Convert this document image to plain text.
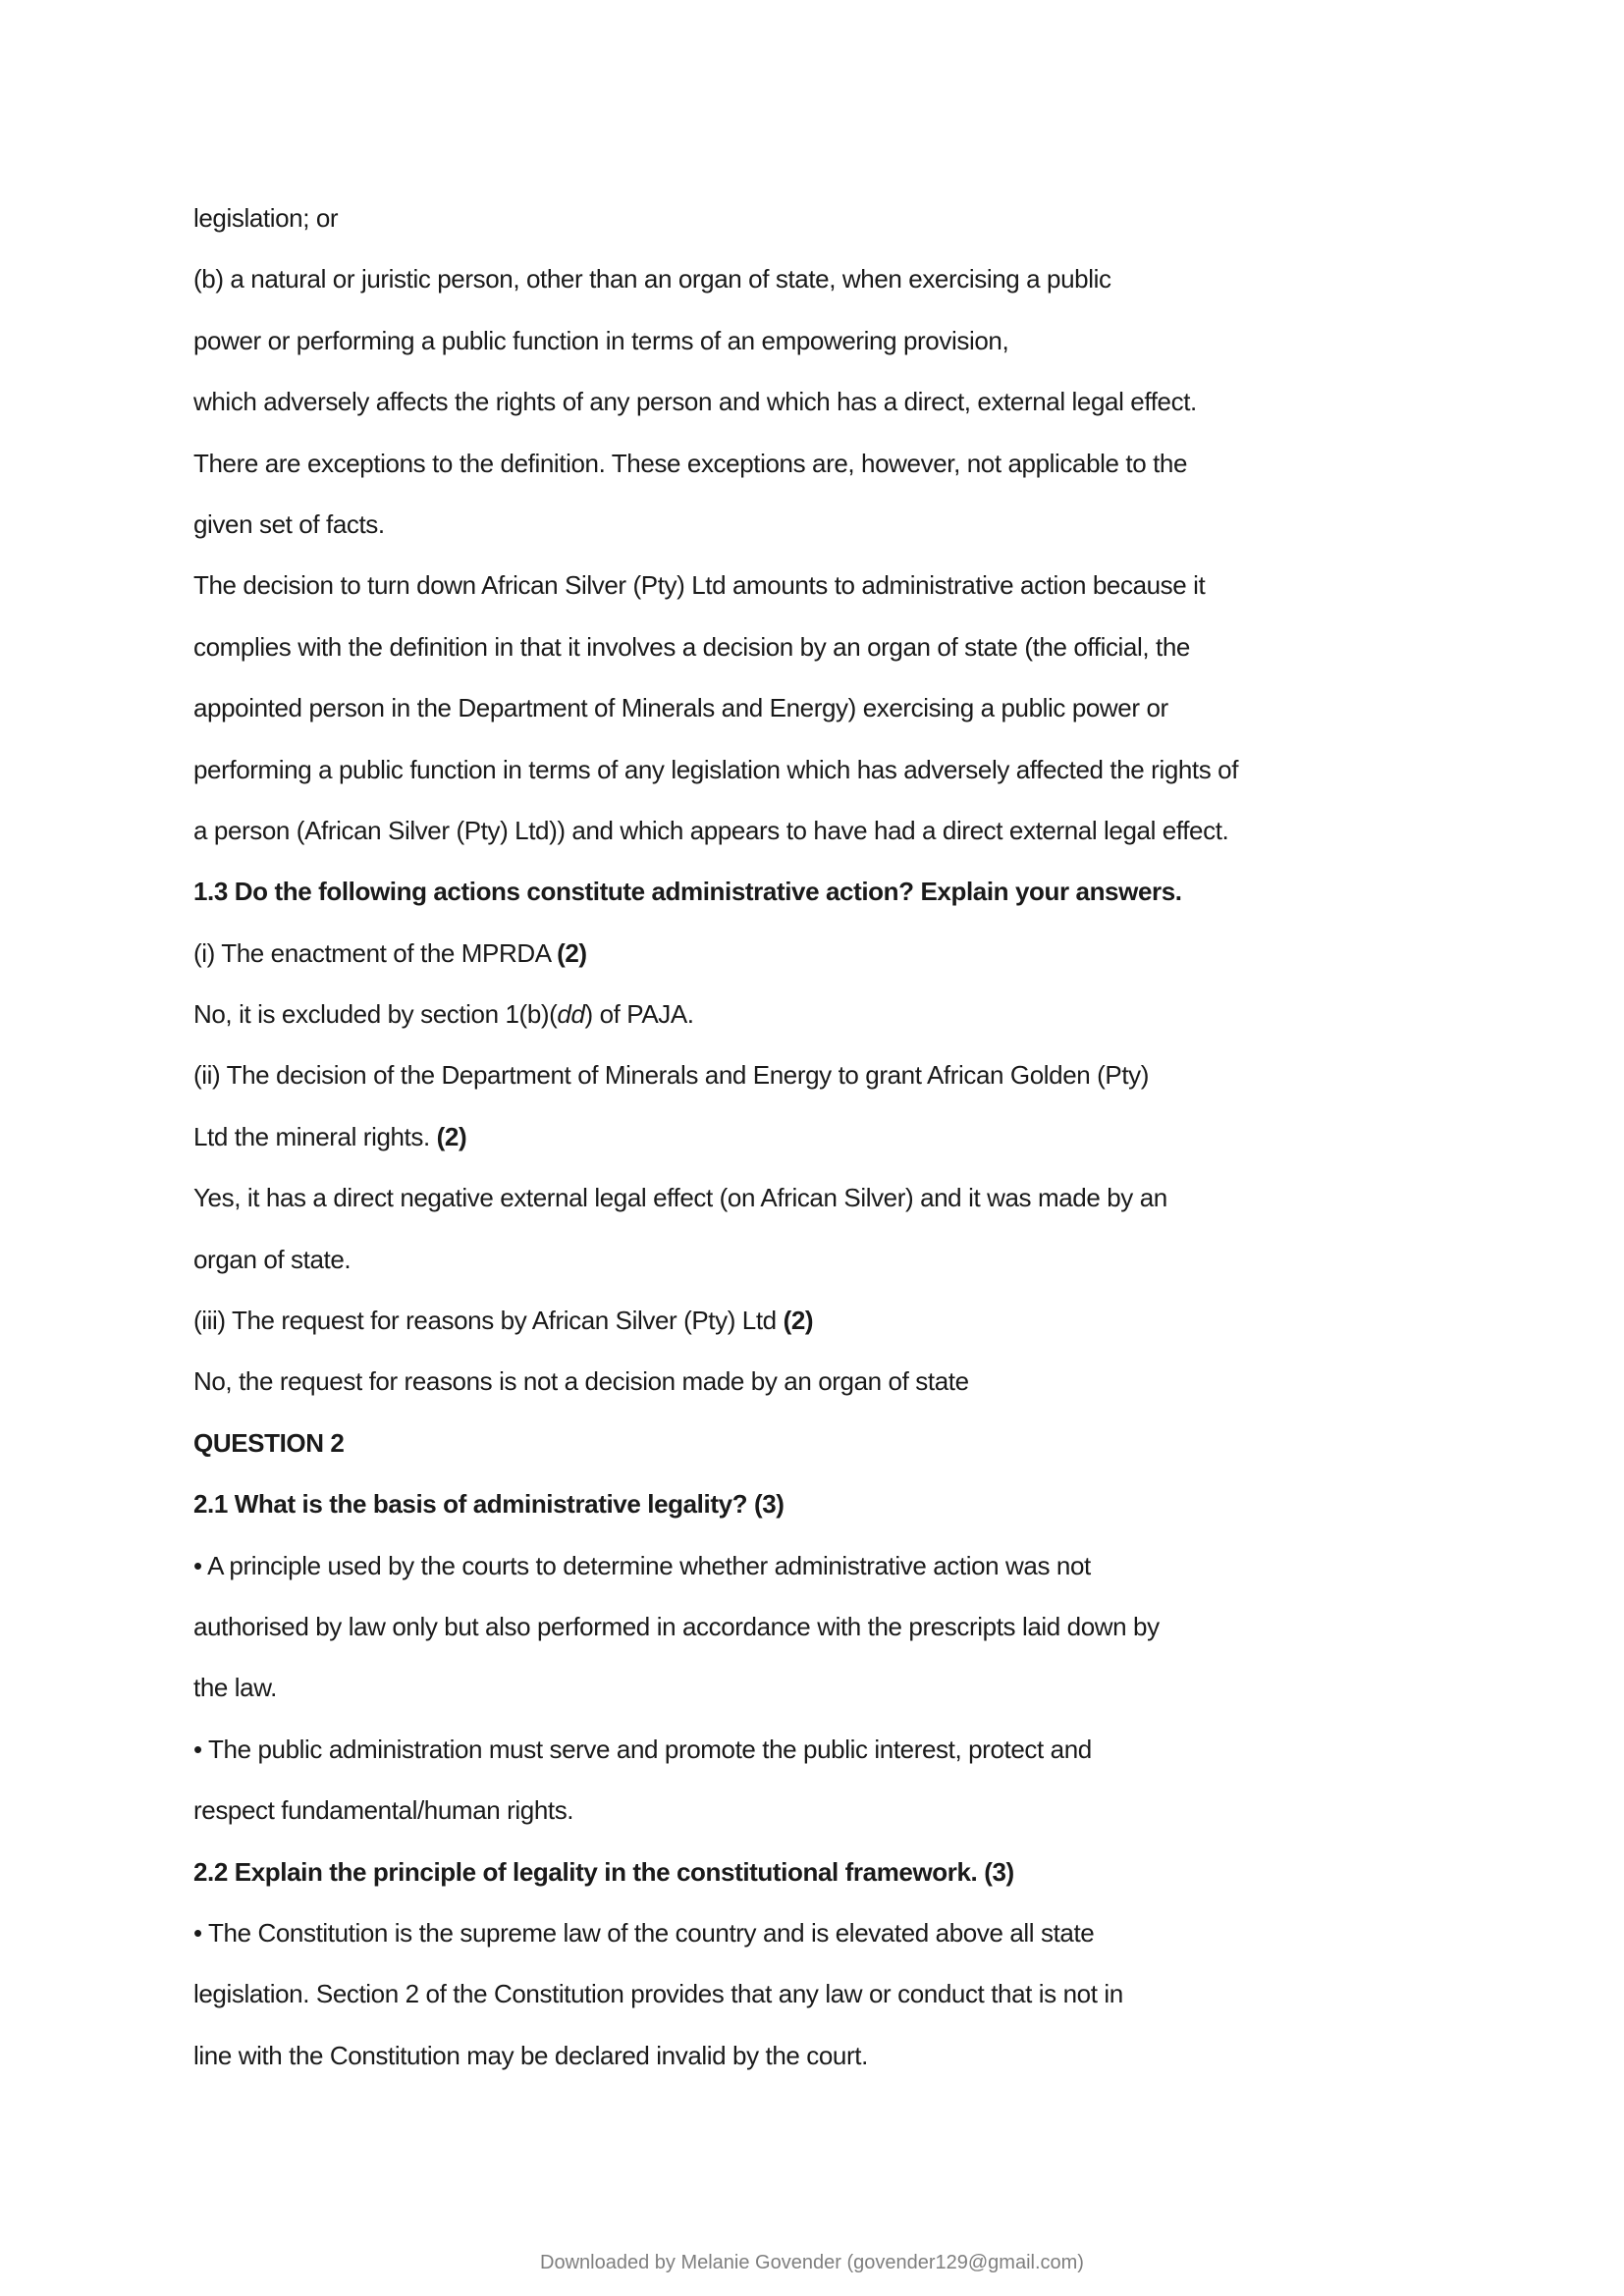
legislation; or
(b) a natural or juristic person, other than an organ of state, when exercising a public
power or performing a public function in terms of an empowering provision,
which adversely affects the rights of any person and which has a direct, external legal effect.
There are exceptions to the definition. These exceptions are, however, not applicable to the
given set of facts.
The decision to turn down African Silver (Pty) Ltd amounts to administrative action because it
complies with the definition in that it involves a decision by an organ of state (the official, the
appointed person in the Department of Minerals and Energy) exercising a public power or
performing a public function in terms of any legislation which has adversely affected the rights of
a person (African Silver (Pty) Ltd)) and which appears to have had a direct external legal effect.
1.3 Do the following actions constitute administrative action? Explain your answers.
(i) The enactment of the MPRDA (2)
No, it is excluded by section 1(b)(dd) of PAJA.
(ii) The decision of the Department of Minerals and Energy to grant African Golden (Pty)
Ltd the mineral rights. (2)
Yes, it has a direct negative external legal effect (on African Silver) and it was made by an
organ of state.
(iii) The request for reasons by African Silver (Pty) Ltd (2)
No, the request for reasons is not a decision made by an organ of state
QUESTION 2
2.1 What is the basis of administrative legality? (3)
• A principle used by the courts to determine whether administrative action was not
authorised by law only but also performed in accordance with the prescripts laid down by
the law.
• The public administration must serve and promote the public interest, protect and
respect fundamental/human rights.
2.2 Explain the principle of legality in the constitutional framework. (3)
• The Constitution is the supreme law of the country and is elevated above all state
legislation. Section 2 of the Constitution provides that any law or conduct that is not in
line with the Constitution may be declared invalid by the court.
Downloaded by Melanie Govender (govender129@gmail.com)
